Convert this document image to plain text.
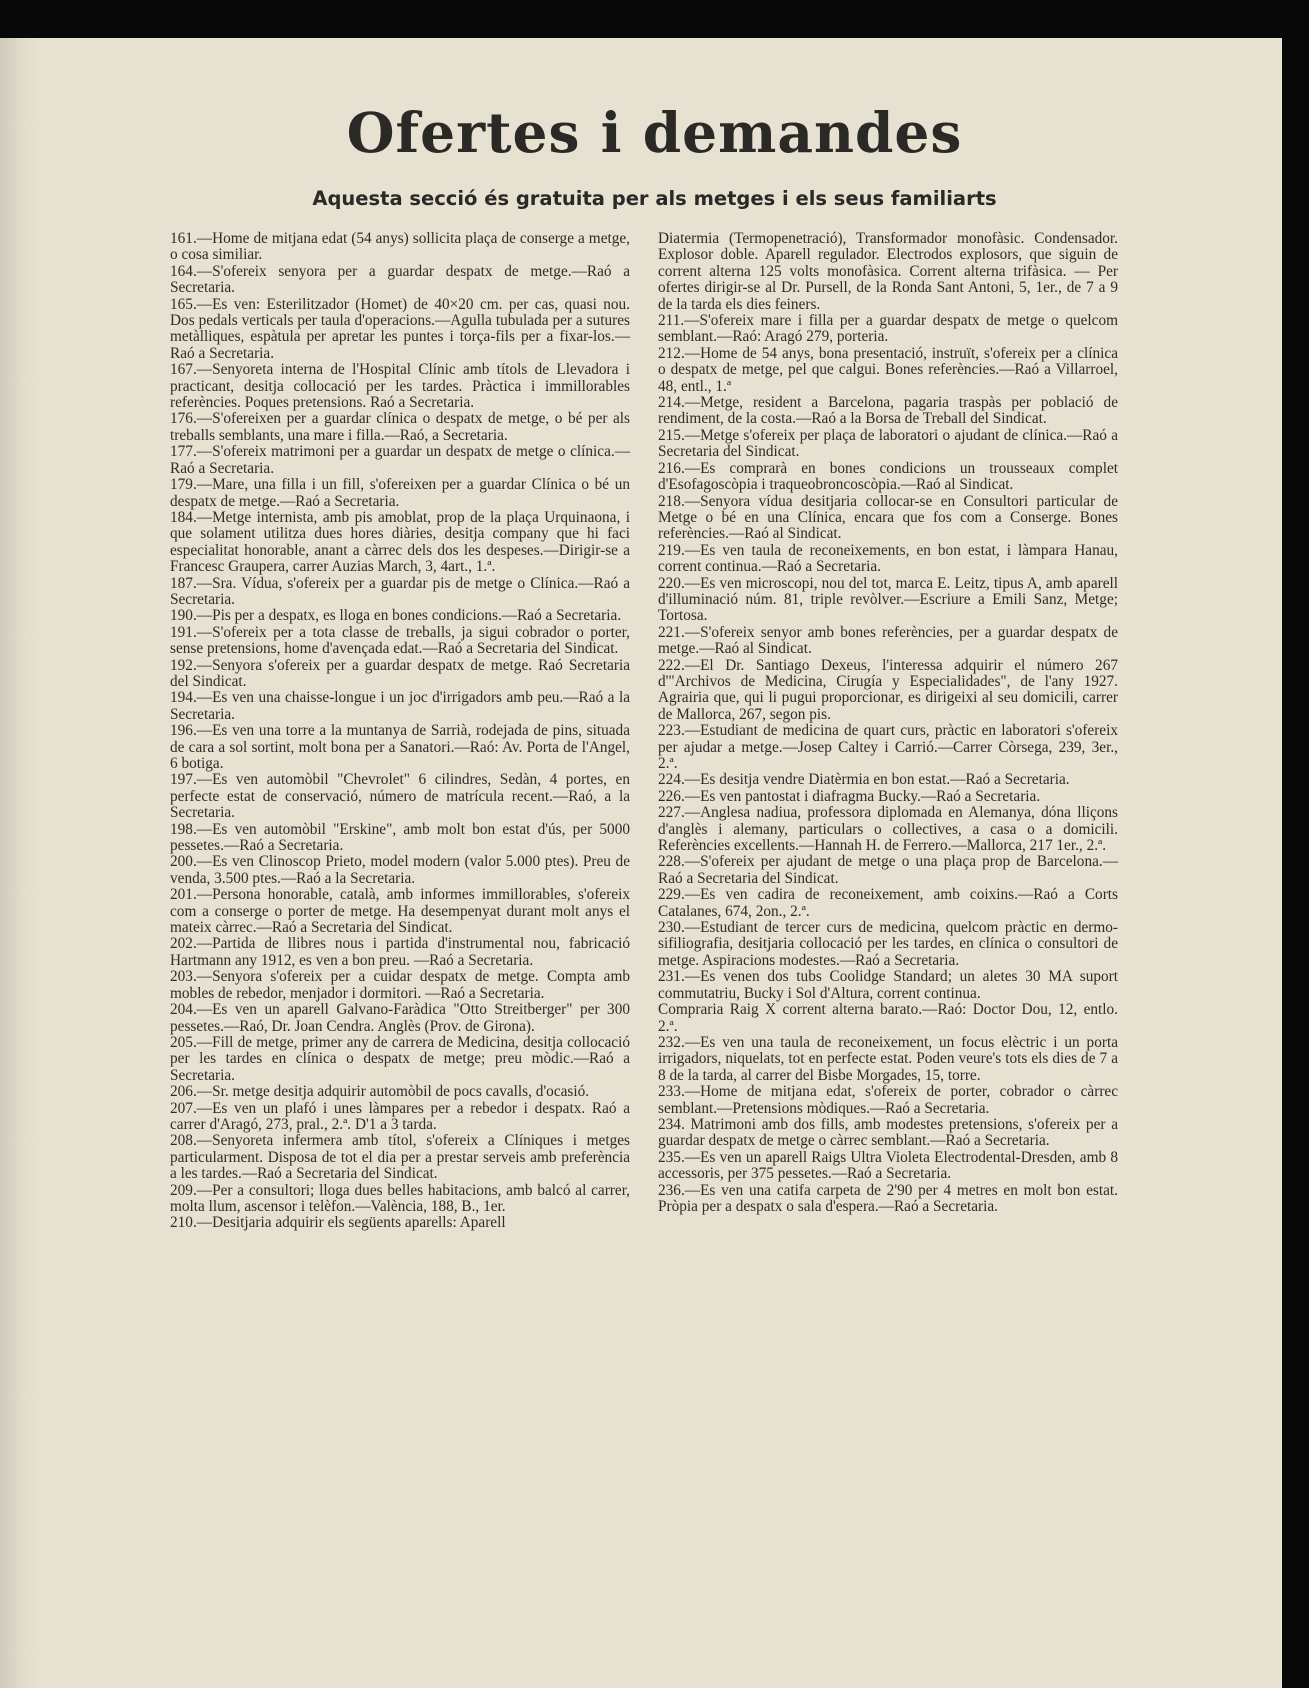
Ofertes i demandes
Aquesta secció és gratuita per als metges i els seus familiarts

161.—Home de mitjana edat (54 anys) sollicita plaça de conserge a metge, o cosa similiar.

164.—S'ofereix senyora per a guardar despatx de metge.—Raó a Secretaria.

165.—Es ven: Esterilitzador (Homet) de 40×20 cm. per cas, quasi nou. Dos pedals verticals per taula d'operacions.—Agulla tubulada per a sutures metàlliques, espàtula per apretar les puntes i torça-fils per a fixar-los.—Raó a Secretaria.

167.—Senyoreta interna de l'Hospital Clínic amb títols de Llevadora i practicant, desitja collocació per les tardes. Pràctica i immillorables referències. Poques pretensions. Raó a Secretaria.

176.—S'ofereixen per a guardar clínica o despatx de metge, o bé per als treballs semblants, una mare i filla.—Raó, a Secretaria.

177.—S'ofereix matrimoni per a guardar un despatx de metge o clínica.—Raó a Secretaria.

179.—Mare, una filla i un fill, s'ofereixen per a guardar Clínica o bé un despatx de metge.—Raó a Secretaria.

184.—Metge internista, amb pis amoblat, prop de la plaça Urquinaona, i que solament utilitza dues hores diàries, desitja company que hi faci especialitat honorable, anant a càrrec dels dos les despeses.—Dirigir-se a Francesc Graupera, carrer Auzias March, 3, 4art., 1.ª.

187.—Sra. Vídua, s'ofereix per a guardar pis de metge o Clínica.—Raó a Secretaria.

190.—Pis per a despatx, es lloga en bones condicions.—Raó a Secretaria.

191.—S'ofereix per a tota classe de treballs, ja sigui cobrador o porter, sense pretensions, home d'avençada edat.—Raó a Secretaria del Sindicat.

192.—Senyora s'ofereix per a guardar despatx de metge. Raó Secretaria del Sindicat.

194.—Es ven una chaisse-longue i un joc d'irrigadors amb peu.—Raó a la Secretaria.

196.—Es ven una torre a la muntanya de Sarrià, rodejada de pins, situada de cara a sol sortint, molt bona per a Sanatori.—Raó: Av. Porta de l'Angel, 6 botiga.

197.—Es ven automòbil "Chevrolet" 6 cilindres, Sedàn, 4 portes, en perfecte estat de conservació, número de matrícula recent.—Raó, a la Secretaria.

198.—Es ven automòbil "Erskine", amb molt bon estat d'ús, per 5000 pessetes.—Raó a Secretaria.

200.—Es ven Clinoscop Prieto, model modern (valor 5.000 ptes). Preu de venda, 3.500 ptes.—Raó a la Secretaria.

201.—Persona honorable, català, amb informes immillorables, s'ofereix com a conserge o porter de metge. Ha desempenyat durant molt anys el mateix càrrec.—Raó a Secretaria del Sindicat.

202.—Partida de llibres nous i partida d'instrumental nou, fabricació Hartmann any 1912, es ven a bon preu. —Raó a Secretaria.

203.—Senyora s'ofereix per a cuidar despatx de metge. Compta amb mobles de rebedor, menjador i dormitori. —Raó a Secretaria.

204.—Es ven un aparell Galvano-Faràdica "Otto Streitberger" per 300 pessetes.—Raó, Dr. Joan Cendra. Anglès (Prov. de Girona).

205.—Fill de metge, primer any de carrera de Medicina, desitja collocació per les tardes en clínica o despatx de metge; preu mòdic.—Raó a Secretaria.

206.—Sr. metge desitja adquirir automòbil de pocs cavalls, d'ocasió.

207.—Es ven un plafó i unes làmpares per a rebedor i despatx. Raó a carrer d'Aragó, 273, pral., 2.ª. D'1 a 3 tarda.

208.—Senyoreta infermera amb títol, s'ofereix a Clíniques i metges particularment. Disposa de tot el dia per a prestar serveis amb preferència a les tardes.—Raó a Secretaria del Sindicat.

209.—Per a consultori; lloga dues belles habitacions, amb balcó al carrer, molta llum, ascensor i telèfon.—València, 188, B., 1er.

210.—Desitjaria adquirir els següents aparells: Aparell

Diatermia (Termopenetració), Transformador monofàsic. Condensador. Explosor doble. Aparell regulador. Electrodos explosors, que siguin de corrent alterna 125 volts monofàsica. Corrent alterna trifàsica. — Per ofertes dirigir-se al Dr. Pursell, de la Ronda Sant Antoni, 5, 1er., de 7 a 9 de la tarda els dies feiners.

211.—S'ofereix mare i filla per a guardar despatx de metge o quelcom semblant.—Raó: Aragó 279, porteria.

212.—Home de 54 anys, bona presentació, instruït, s'ofereix per a clínica o despatx de metge, pel que calgui. Bones referències.—Raó a Villarroel, 48, entl., 1.ª

214.—Metge, resident a Barcelona, pagaria traspàs per població de rendiment, de la costa.—Raó a la Borsa de Treball del Sindicat.

215.—Metge s'ofereix per plaça de laboratori o ajudant de clínica.—Raó a Secretaria del Sindicat.

216.—Es comprarà en bones condicions un trousseaux complet d'Esofagoscòpia i traqueobroncoscòpia.—Raó al Sindicat.

218.—Senyora vídua desitjaria collocar-se en Consultori particular de Metge o bé en una Clínica, encara que fos com a Conserge. Bones referències.—Raó al Sindicat.

219.—Es ven taula de reconeixements, en bon estat, i làmpara Hanau, corrent continua.—Raó a Secretaria.

220.—Es ven microscopi, nou del tot, marca E. Leitz, tipus A, amb aparell d'illuminació núm. 81, triple revòlver.—Escriure a Emili Sanz, Metge; Tortosa.

221.—S'ofereix senyor amb bones referències, per a guardar despatx de metge.—Raó al Sindicat.

222.—El Dr. Santiago Dexeus, l'interessa adquirir el número 267 d'"Archivos de Medicina, Cirugía y Especialidades", de l'any 1927. Agrairia que, qui li pugui proporcionar, es dirigeixi al seu domicili, carrer de Mallorca, 267, segon pis.

223.—Estudiant de medicina de quart curs, pràctic en laboratori s'ofereix per ajudar a metge.—Josep Caltey i Carrió.—Carrer Còrsega, 239, 3er., 2.ª.

224.—Es desitja vendre Diatèrmia en bon estat.—Raó a Secretaria.

226.—Es ven pantostat i diafragma Bucky.—Raó a Secretaria.

227.—Anglesa nadiua, professora diplomada en Alemanya, dóna lliçons d'anglès i alemany, particulars o collectives, a casa o a domicili. Referències excellents.—Hannah H. de Ferrero.—Mallorca, 217 1er., 2.ª.

228.—S'ofereix per ajudant de metge o una plaça prop de Barcelona.—Raó a Secretaria del Sindicat.

229.—Es ven cadira de reconeixement, amb coixins.—Raó a Corts Catalanes, 674, 2on., 2.ª.

230.—Estudiant de tercer curs de medicina, quelcom pràctic en dermo-sifiliografia, desitjaria collocació per les tardes, en clínica o consultori de metge. Aspiracions modestes.—Raó a Secretaria.

231.—Es venen dos tubs Coolidge Standard; un aletes 30 MA suport commutatriu, Bucky i Sol d'Altura, corrent continua.

Compraria Raig X corrent alterna barato.—Raó: Doctor Dou, 12, entlo. 2.ª.

232.—Es ven una taula de reconeixement, un focus elèctric i un porta irrigadors, niquelats, tot en perfecte estat. Poden veure's tots els dies de 7 a 8 de la tarda, al carrer del Bisbe Morgades, 15, torre.

233.—Home de mitjana edat, s'ofereix de porter, cobrador o càrrec semblant.—Pretensions mòdiques.—Raó a Secretaria.

234. Matrimoni amb dos fills, amb modestes pretensions, s'ofereix per a guardar despatx de metge o càrrec semblant.—Raó a Secretaria.

235.—Es ven un aparell Raigs Ultra Violeta Electrodental-Dresden, amb 8 accessoris, per 375 pessetes.—Raó a Secretaria.

236.—Es ven una catifa carpeta de 2'90 per 4 metres en molt bon estat. Pròpia per a despatx o sala d'espera.—Raó a Secretaria.
